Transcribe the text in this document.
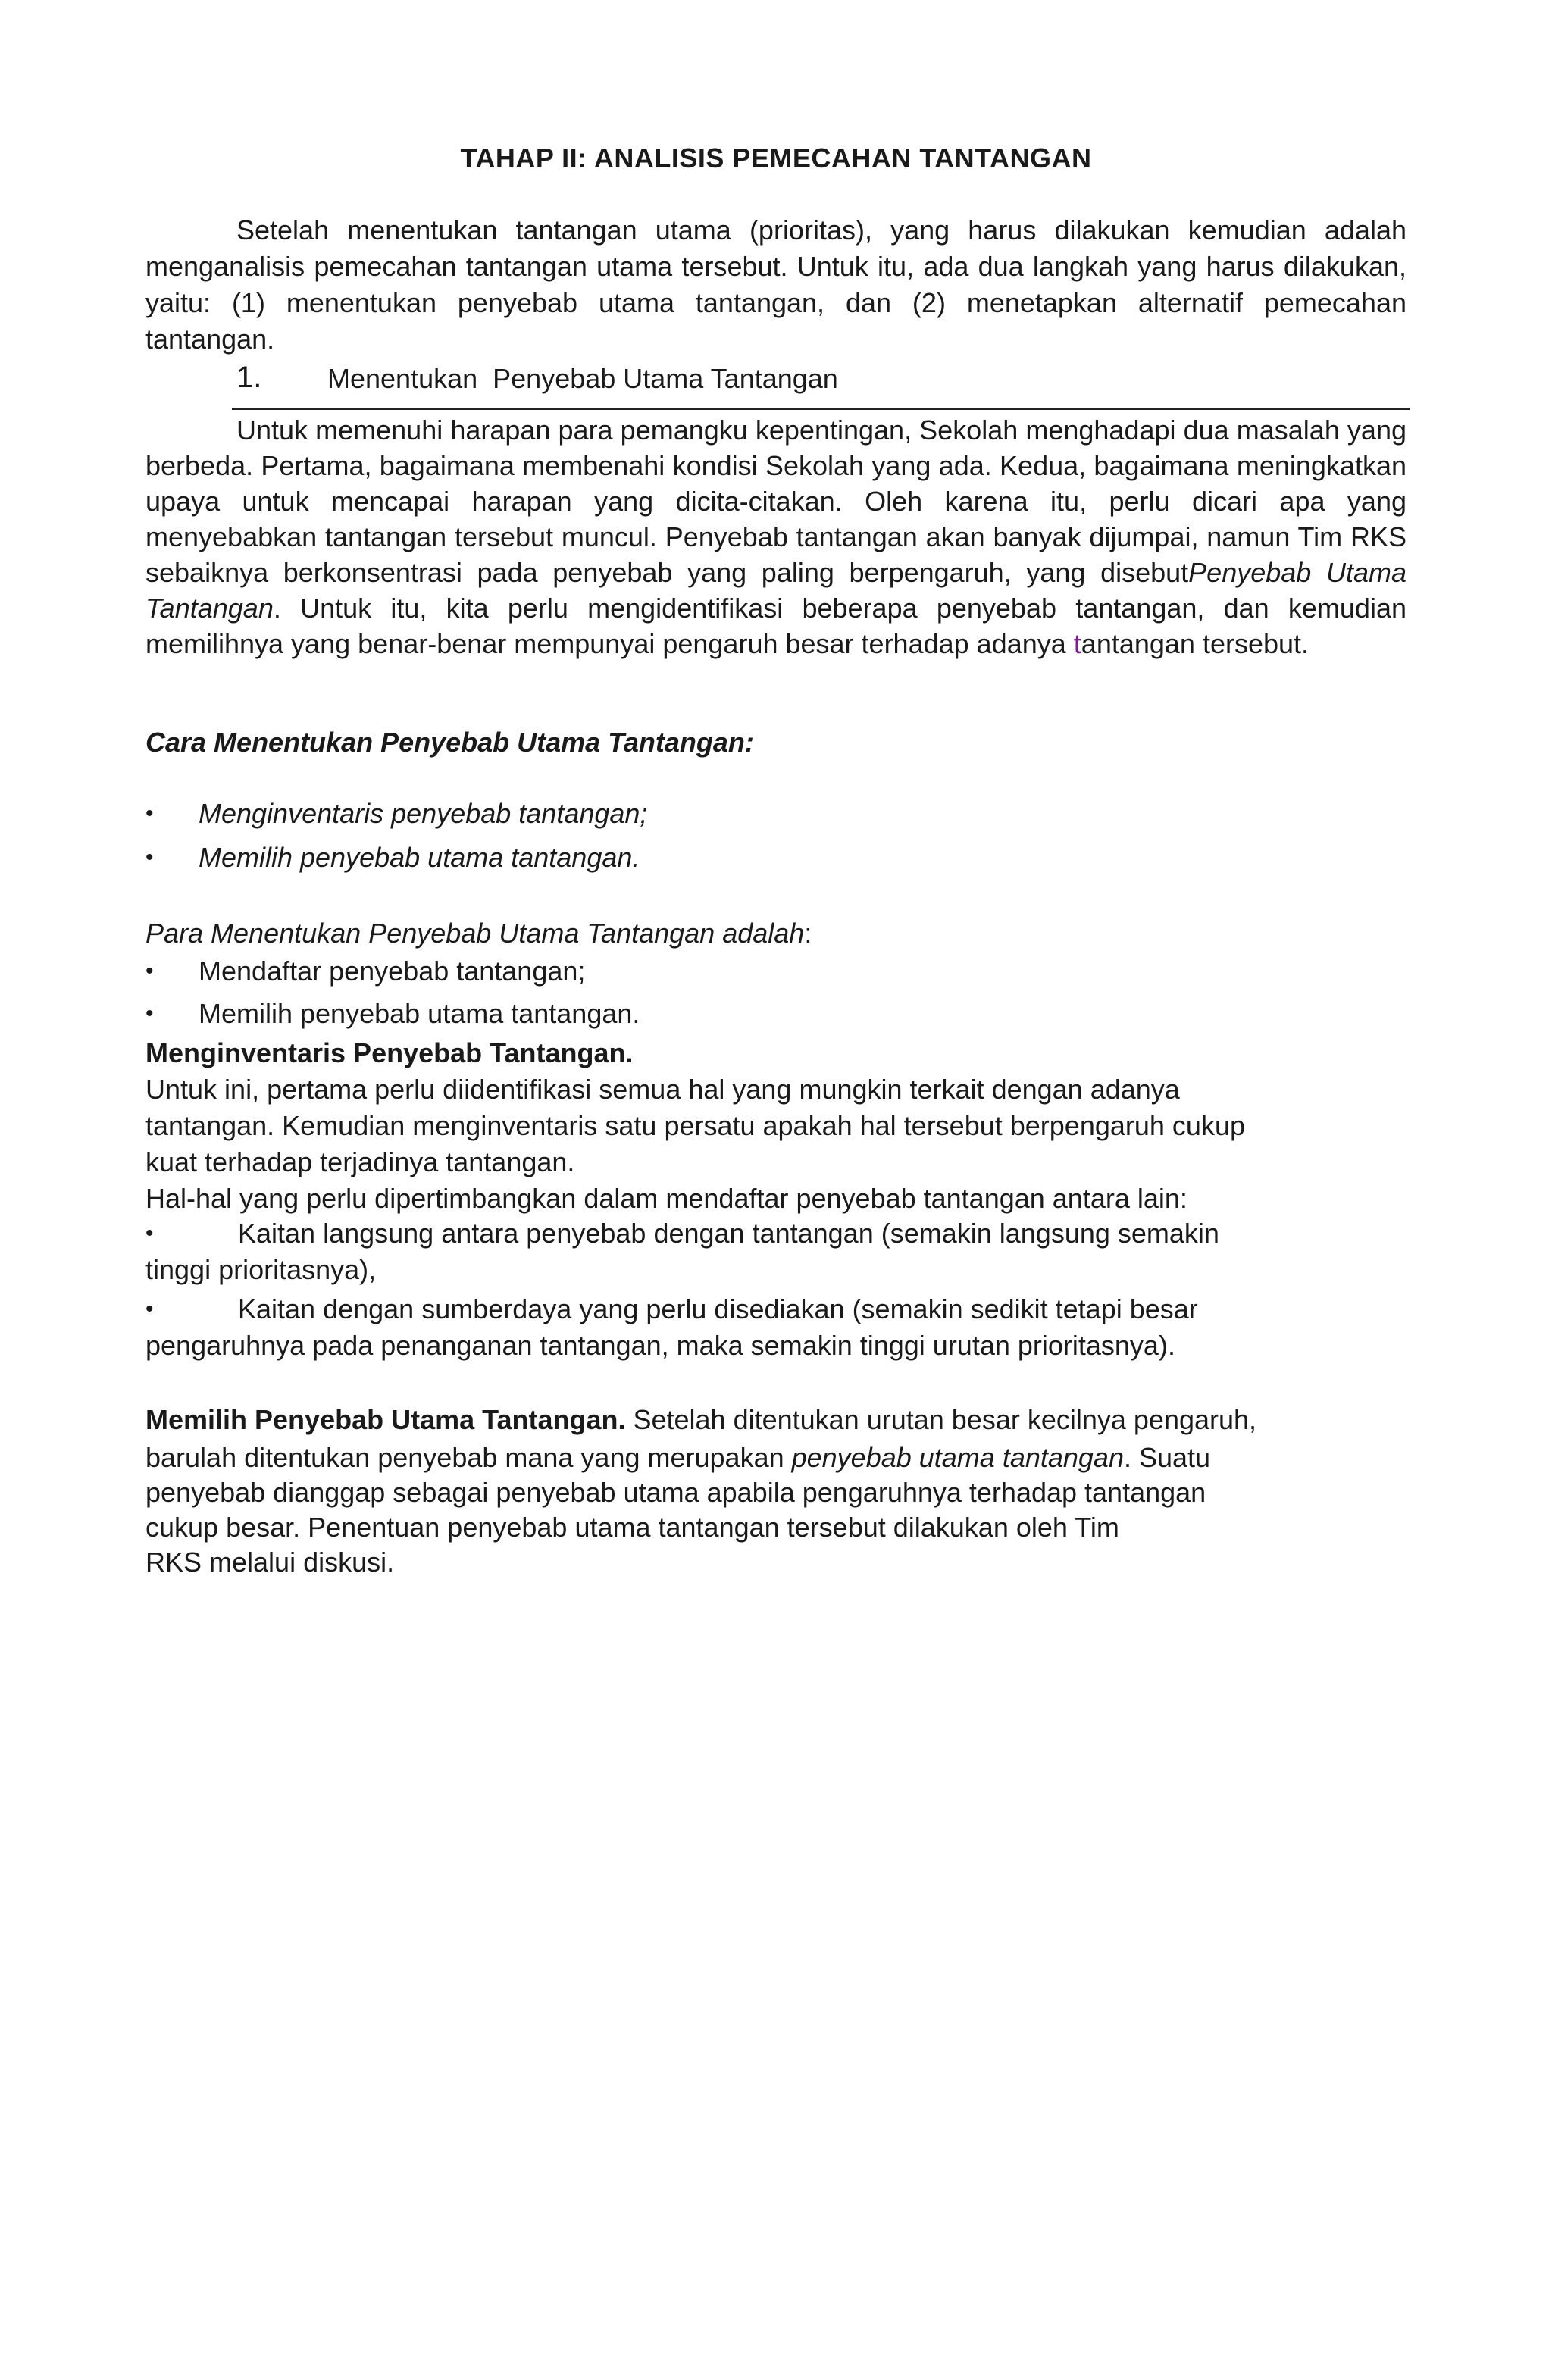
TAHAP II: ANALISIS PEMECAHAN TANTANGAN
Setelah menentukan tantangan utama (prioritas), yang harus dilakukan kemudian adalah menganalisis pemecahan tantangan utama tersebut. Untuk itu, ada dua langkah yang harus dilakukan, yaitu: (1) menentukan penyebab utama tantangan, dan (2) menetapkan alternatif pemecahan tantangan.
1. Menentukan  Penyebab Utama Tantangan
Untuk memenuhi harapan para pemangku kepentingan, Sekolah menghadapi dua masalah yang berbeda. Pertama, bagaimana membenahi kondisi Sekolah yang ada. Kedua, bagaimana meningkatkan upaya untuk mencapai harapan yang dicita-citakan. Oleh karena itu, perlu dicari apa yang menyebabkan tantangan tersebut muncul. Penyebab tantangan akan banyak dijumpai, namun Tim RKS sebaiknya berkonsentrasi pada penyebab yang paling berpengaruh, yang disebutPenyebab Utama Tantangan. Untuk itu, kita perlu mengidentifikasi beberapa penyebab tantangan, dan kemudian memilihnya yang benar-benar mempunyai pengaruh besar terhadap adanya tantangan tersebut.
Cara Menentukan Penyebab Utama Tantangan:
• Menginventaris penyebab tantangan;
• Memilih penyebab utama tantangan.
Para Menentukan Penyebab Utama Tantangan adalah:
• Mendaftar penyebab tantangan;
• Memilih penyebab utama tantangan.
Menginventaris Penyebab Tantangan.
Untuk ini, pertama perlu diidentifikasi semua hal yang mungkin terkait dengan adanya
tantangan. Kemudian menginventaris satu persatu apakah hal tersebut berpengaruh cukup
kuat terhadap terjadinya tantangan.
Hal-hal yang perlu dipertimbangkan dalam mendaftar penyebab tantangan antara lain:
•	Kaitan langsung antara penyebab dengan tantangan (semakin langsung semakin
tinggi prioritasnya),
•	Kaitan dengan sumberdaya yang perlu disediakan (semakin sedikit tetapi besar
pengaruhnya pada penanganan tantangan, maka semakin tinggi urutan prioritasnya).
Memilih Penyebab Utama Tantangan. Setelah ditentukan urutan besar kecilnya pengaruh,
barulah ditentukan penyebab mana yang merupakan penyebab utama tantangan. Suatu
penyebab dianggap sebagai penyebab utama apabila pengaruhnya terhadap tantangan
cukup besar. Penentuan penyebab utama tantangan tersebut dilakukan oleh Tim
RKS melalui diskusi.
